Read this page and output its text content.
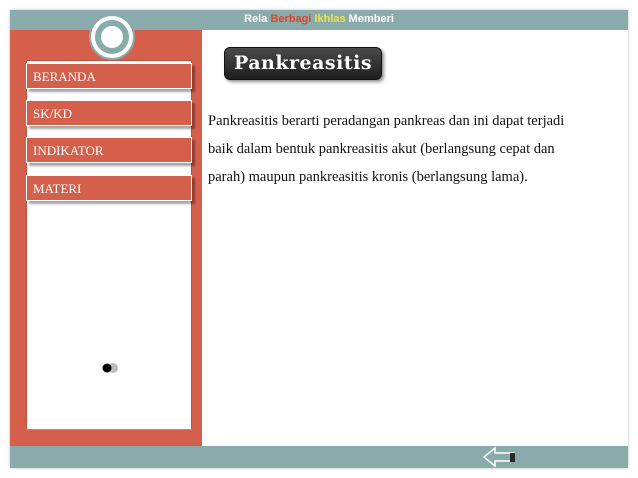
Rela Berbagi Ikhlas Memberi
BERANDA
SK/KD
INDIKATOR
MATERI
Pankreasitis
Pankreasitis berarti peradangan pankreas dan ini dapat terjadi
baik dalam bentuk pankreasitis akut (berlangsung cepat dan
parah) maupun pankreasitis kronis (berlangsung lama).
